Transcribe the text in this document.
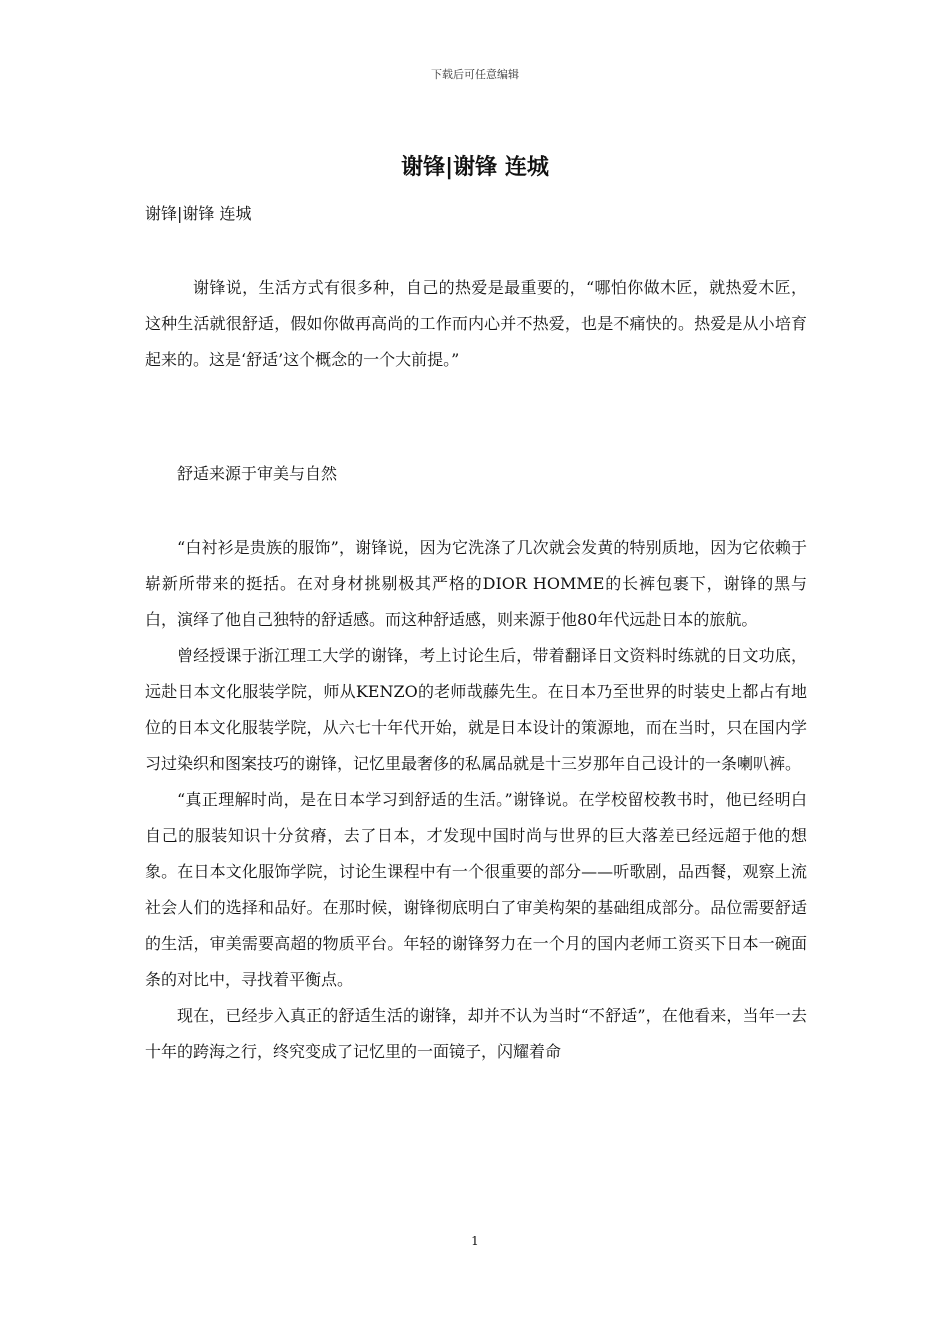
下载后可任意编辑
谢锋|谢锋 连城
谢锋|谢锋 连城

谢锋说，生活方式有很多种，自己的热爱是最重要的，“哪怕你做木匠，就热爱木匠，这种生活就很舒适，假如你做再高尚的工作而内心并不热爱，也是不痛快的。热爱是从小培育起来的。这是‘舒适’这个概念的一个大前提。”

舒适来源于审美与自然

“白衬衫是贵族的服饰”，谢锋说，因为它洗涤了几次就会发黄的特别质地，因为它依赖于崭新所带来的挺括。在对身材挑剔极其严格的DIOR HOMME的长裤包裹下，谢锋的黑与白，演绎了他自己独特的舒适感。而这种舒适感，则来源于他80年代远赴日本的旅航。

曾经授课于浙江理工大学的谢锋，考上讨论生后，带着翻译日文资料时练就的日文功底，远赴日本文化服装学院，师从KENZO的老师哉藤先生。在日本乃至世界的时装史上都占有地位的日本文化服装学院，从六七十年代开始，就是日本设计的策源地，而在当时，只在国内学习过染织和图案技巧的谢锋，记忆里最奢侈的私属品就是十三岁那年自己设计的一条喇叭裤。

“真正理解时尚，是在日本学习到舒适的生活。”谢锋说。在学校留校教书时，他已经明白自己的服装知识十分贫瘠，去了日本，才发现中国时尚与世界的巨大落差已经远超于他的想象。在日本文化服饰学院，讨论生课程中有一个很重要的部分——听歌剧，品西餐，观察上流社会人们的选择和品好。在那时候，谢锋彻底明白了审美构架的基础组成部分。品位需要舒适的生活，审美需要高超的物质平台。年轻的谢锋努力在一个月的国内老师工资买下日本一碗面条的对比中，寻找着平衡点。

现在，已经步入真正的舒适生活的谢锋，却并不认为当时“不舒适”，在他看来，当年一去十年的跨海之行，终究变成了记忆里的一面镜子，闪耀着命

1
